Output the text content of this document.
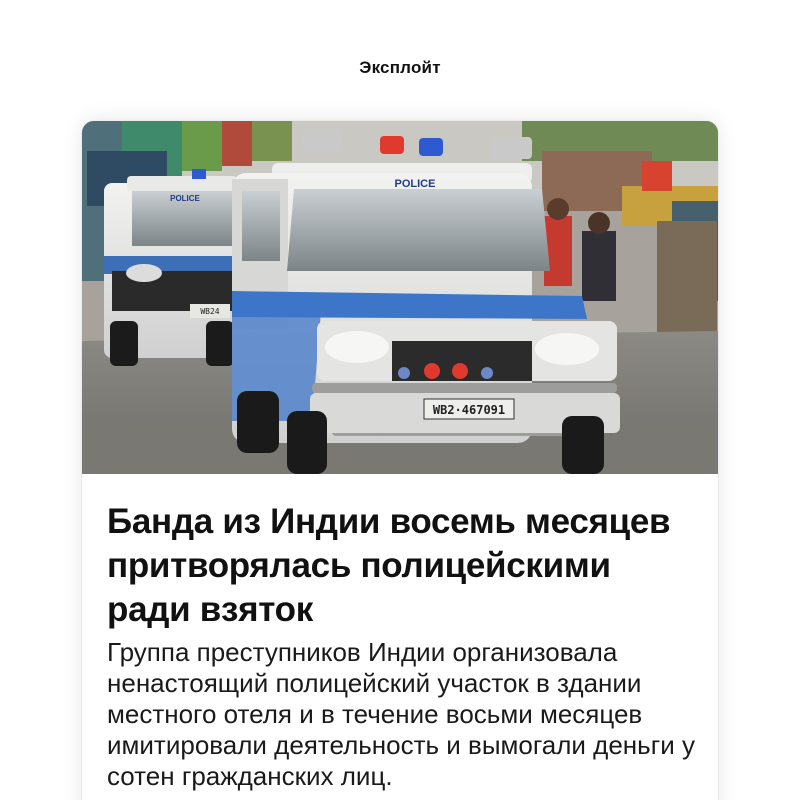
Эксплойт
POLICE
WB24
POLICE
WB2·467091
Банда из Индии восемь месяцев притворялась полицейскими ради взяток

Группа преступников Индии организовала ненастоящий полицейский участок в здании местного отеля и в течение восьми месяцев имитировали деятельность и вымогали деньги у сотен гражданских лиц.
